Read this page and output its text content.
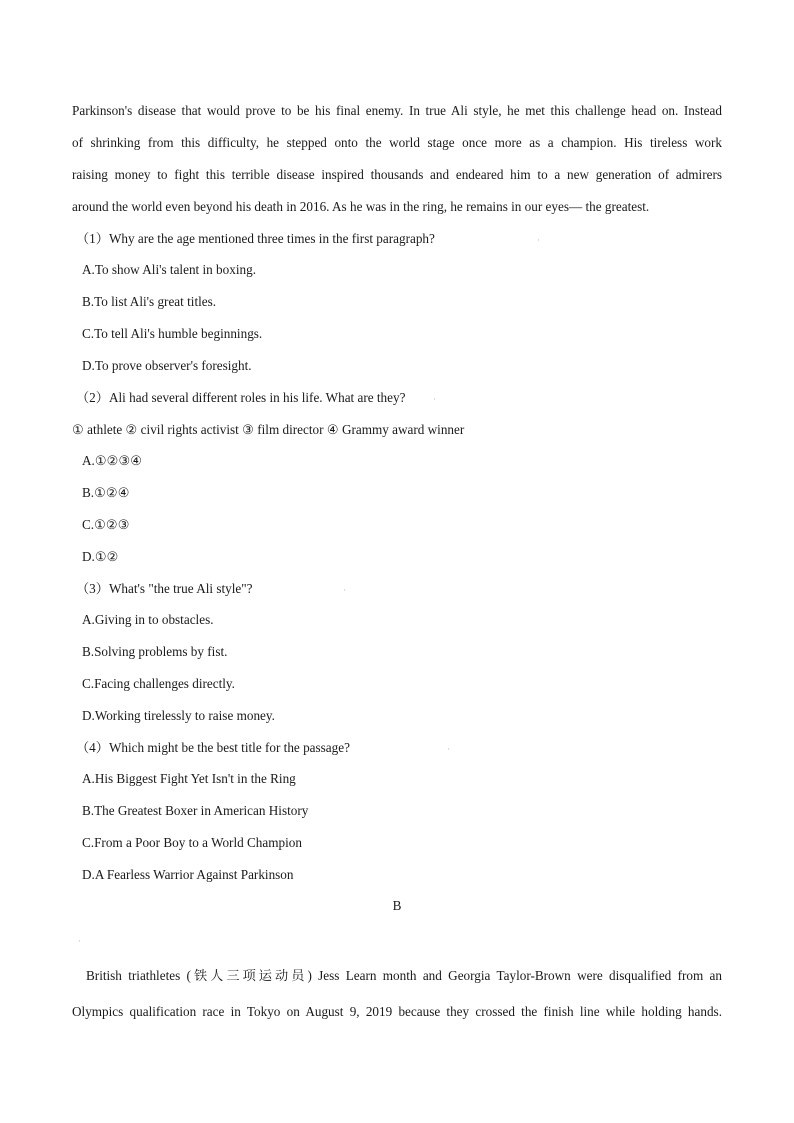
Parkinson's disease that would prove to be his final enemy. In true Ali style, he met this challenge head on. Instead
of shrinking from this difficulty, he stepped onto the world stage once more as a champion. His tireless work
raising money to fight this terrible disease inspired thousands and endeared him to a new generation of admirers
around the world even beyond his death in 2016. As he was in the ring, he remains in our eyes— the greatest.
（1）Why are the age mentioned three times in the first paragraph?
A.To show Ali's talent in boxing.
B.To list Ali's great titles.
C.To tell Ali's humble beginnings.
D.To prove observer's foresight.
（2）Ali had several different roles in his life. What are they?
① athlete ② civil rights activist ③ film director ④ Grammy award winner
A.①②③④
B.①②④
C.①②③
D.①②
（3）What's "the true Ali style"?
A.Giving in to obstacles.
B.Solving problems by fist.
C.Facing challenges directly.
D.Working tirelessly to raise money.
（4）Which might be the best title for the passage?
A.His Biggest Fight Yet Isn't in the Ring
B.The Greatest Boxer in American History
C.From a Poor Boy to a World Champion
D.A Fearless Warrior Against Parkinson
B
British triathletes (铁人三项运动员) Jess Learn month and Georgia Taylor-Brown were disqualified from an
Olympics qualification race in Tokyo on August 9, 2019 because they crossed the finish line while holding hands.
·
·
·
·
·
